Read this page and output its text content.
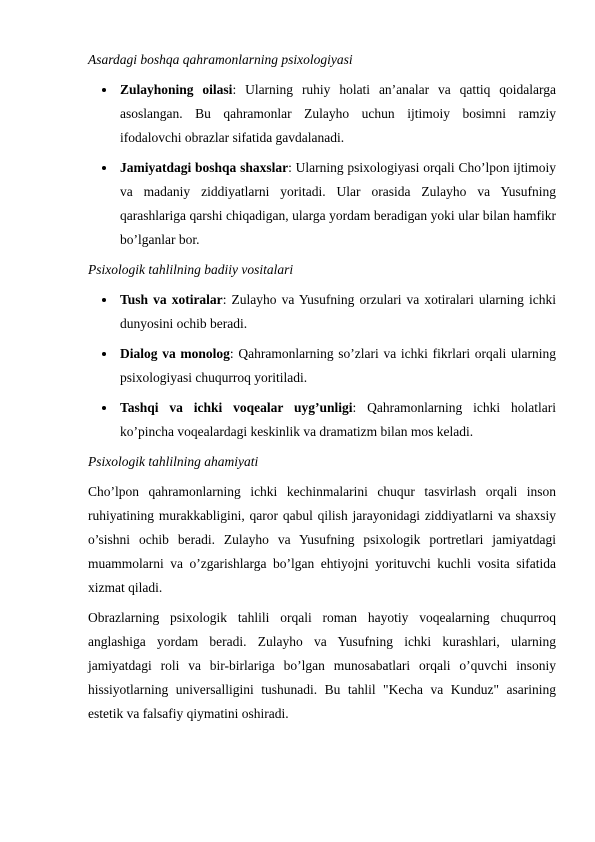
Asardagi boshqa qahramonlarning psixologiyasi

Zulayhoning oilasi: Ularning ruhiy holati an’analar va qattiq qoidalarga asoslangan. Bu qahramonlar Zulayho uchun ijtimoiy bosimni ramziy ifodalovchi obrazlar sifatida gavdalanadi.
Jamiyatdagi boshqa shaxslar: Ularning psixologiyasi orqali Cho’lpon ijtimoiy va madaniy ziddiyatlarni yoritadi. Ular orasida Zulayho va Yusufning qarashlariga qarshi chiqadigan, ularga yordam beradigan yoki ular bilan hamfikr bo’lganlar bor.

Psixologik tahlilning badiiy vositalari

Tush va xotiralar: Zulayho va Yusufning orzulari va xotiralari ularning ichki dunyosini ochib beradi.
Dialog va monolog: Qahramonlarning so’zlari va ichki fikrlari orqali ularning psixologiyasi chuqurroq yoritiladi.
Tashqi va ichki voqealar uyg’unligi: Qahramonlarning ichki holatlari ko’pincha voqealardagi keskinlik va dramatizm bilan mos keladi.

Psixologik tahlilning ahamiyati

Cho’lpon qahramonlarning ichki kechinmalarini chuqur tasvirlash orqali inson ruhiyatining murakkabligini, qaror qabul qilish jarayonidagi ziddiyatlarni va shaxsiy o’sishni ochib beradi. Zulayho va Yusufning psixologik portretlari jamiyatdagi muammolarni va o’zgarishlarga bo’lgan ehtiyojni yorituvchi kuchli vosita sifatida xizmat qiladi.

Obrazlarning psixologik tahlili orqali roman hayotiy voqealarning chuqurroq anglashiga yordam beradi. Zulayho va Yusufning ichki kurashlari, ularning jamiyatdagi roli va bir-birlariga bo’lgan munosabatlari orqali o’quvchi insoniy hissiyotlarning universalligini tushunadi. Bu tahlil "Kecha va Kunduz" asarining estetik va falsafiy qiymatini oshiradi.
